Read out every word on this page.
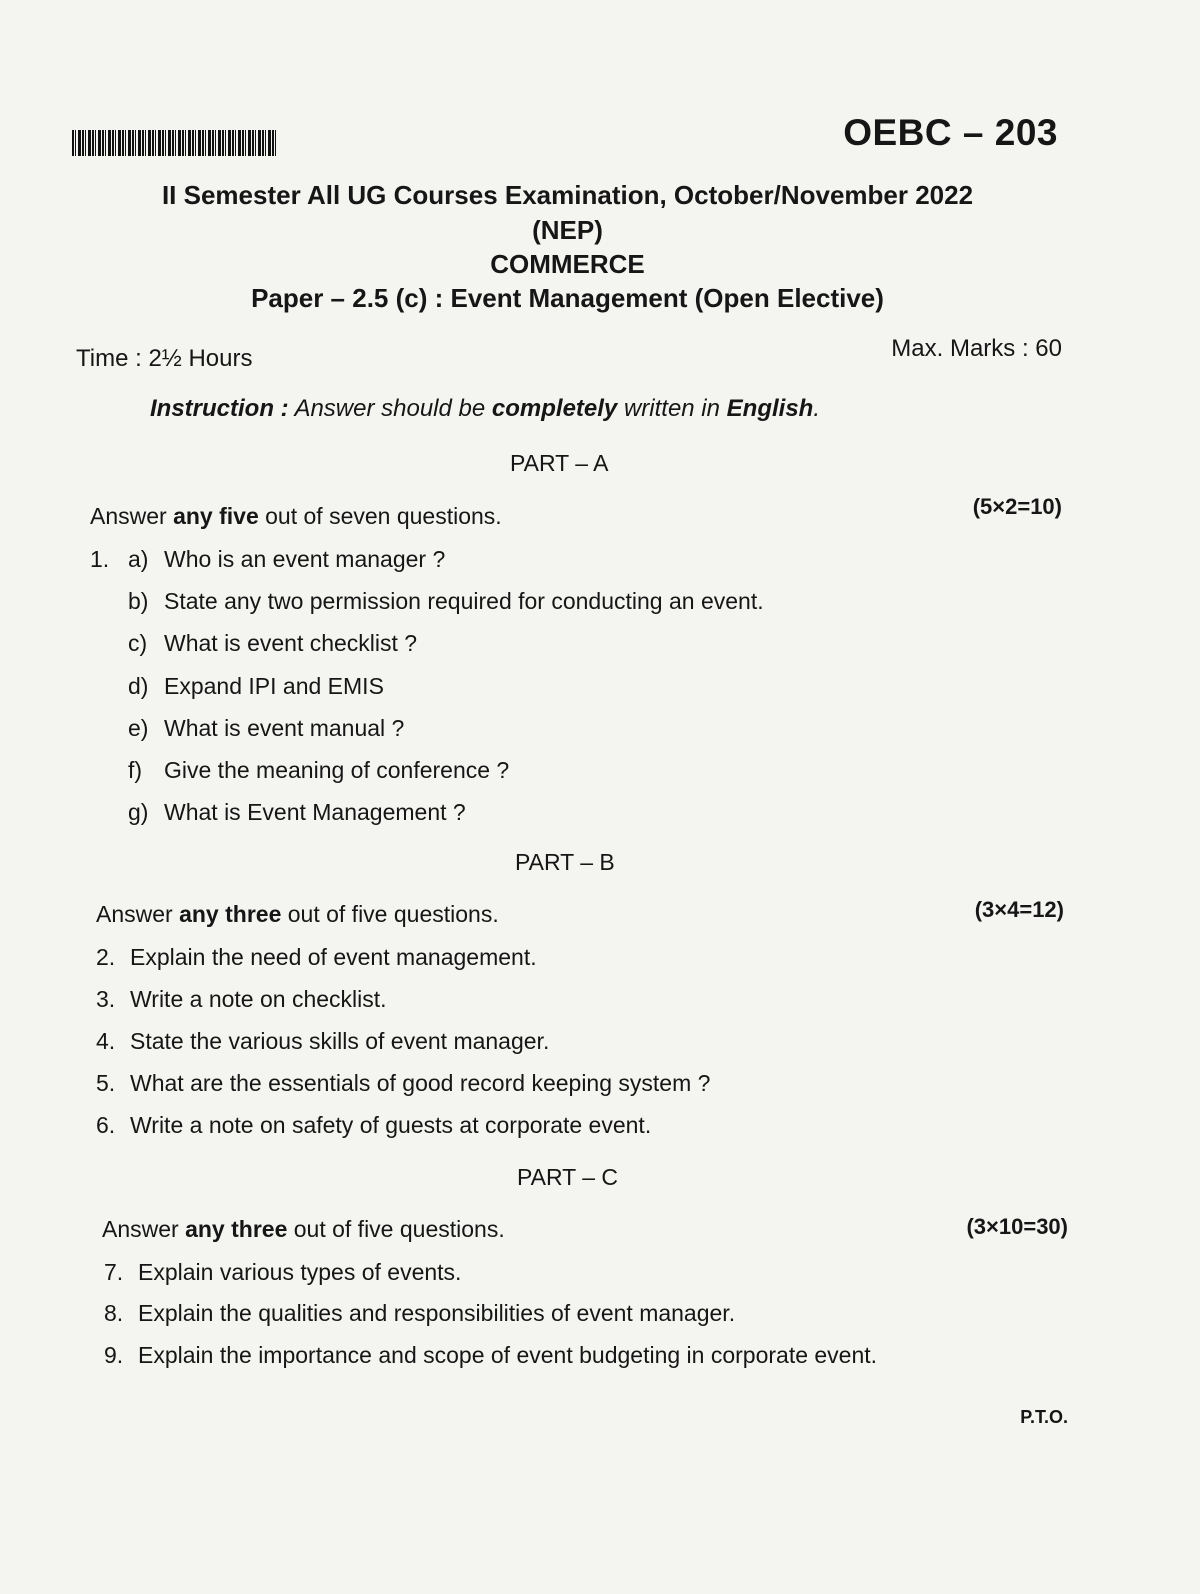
OEBC – 203
II Semester All UG Courses Examination, October/November 2022
(NEP)
COMMERCE
Paper – 2.5 (c) : Event Management (Open Elective)
Time : 2½ Hours	Max. Marks : 60
Instruction : Answer should be completely written in English.
PART – A
Answer any five out of seven questions.	(5×2=10)
1. a) Who is an event manager ?
b) State any two permission required for conducting an event.
c) What is event checklist ?
d) Expand IPI and EMIS
e) What is event manual ?
f) Give the meaning of conference ?
g) What is Event Management ?
PART – B
Answer any three out of five questions.	(3×4=12)
2. Explain the need of event management.
3. Write a note on checklist.
4. State the various skills of event manager.
5. What are the essentials of good record keeping system ?
6. Write a note on safety of guests at corporate event.
PART – C
Answer any three out of five questions.	(3×10=30)
7. Explain various types of events.
8. Explain the qualities and responsibilities of event manager.
9. Explain the importance and scope of event budgeting in corporate event.
P.T.O.
